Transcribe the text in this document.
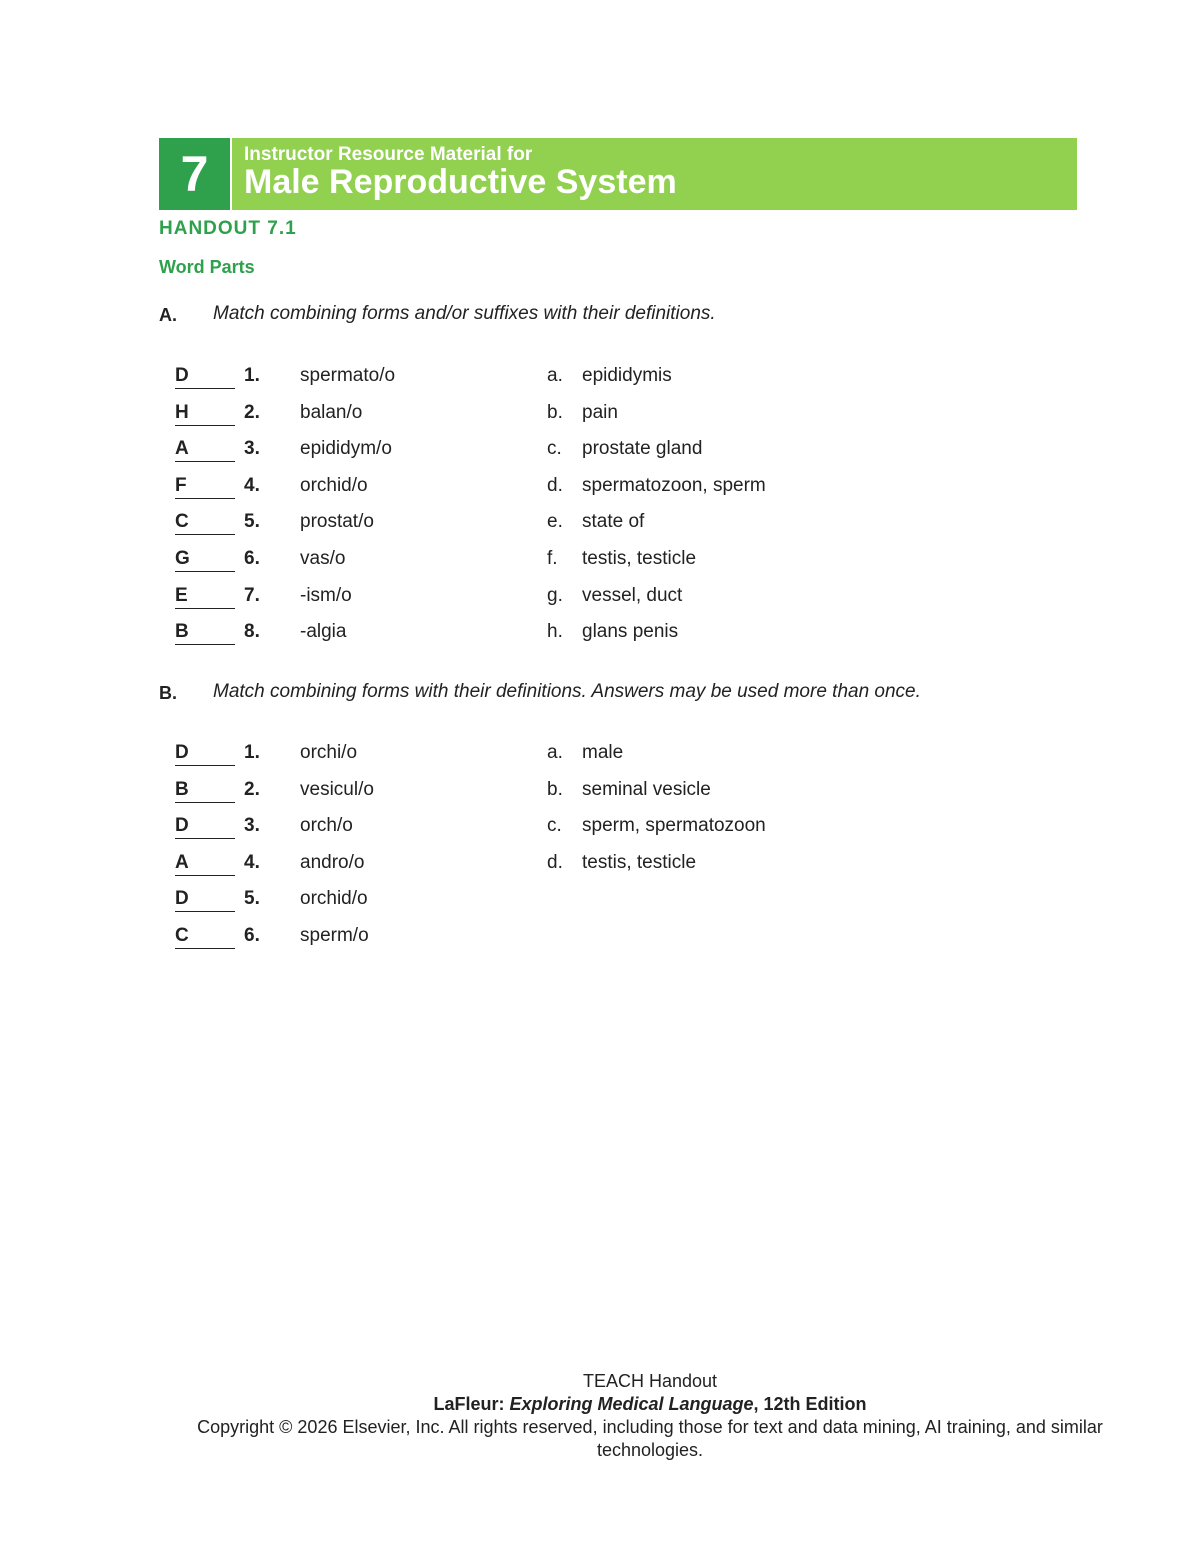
7	Instructor Resource Material for
Male Reproductive System
HANDOUT 7.1
Word Parts
A. Match combining forms and/or suffixes with their definitions.
D	1. spermato/o	a. epididymis
H	2. balan/o	b. pain
A	3. epididym/o	c. prostate gland
F	4. orchid/o	d. spermatozoon, sperm
C	5. prostat/o	e. state of
G	6. vas/o	f. testis, testicle
E	7. -ism/o	g. vessel, duct
B	8. -algia	h. glans penis
B. Match combining forms with their definitions. Answers may be used more than once.
D	1. orchi/o	a. male
B	2. vesicul/o	b. seminal vesicle
D	3. orch/o	c. sperm, spermatozoon
A	4. andro/o	d. testis, testicle
D	5. orchid/o
C	6. sperm/o
TEACH Handout
LaFleur: Exploring Medical Language, 12th Edition
Copyright © 2026 Elsevier, Inc. All rights reserved, including those for text and data mining, AI training, and similar technologies.
